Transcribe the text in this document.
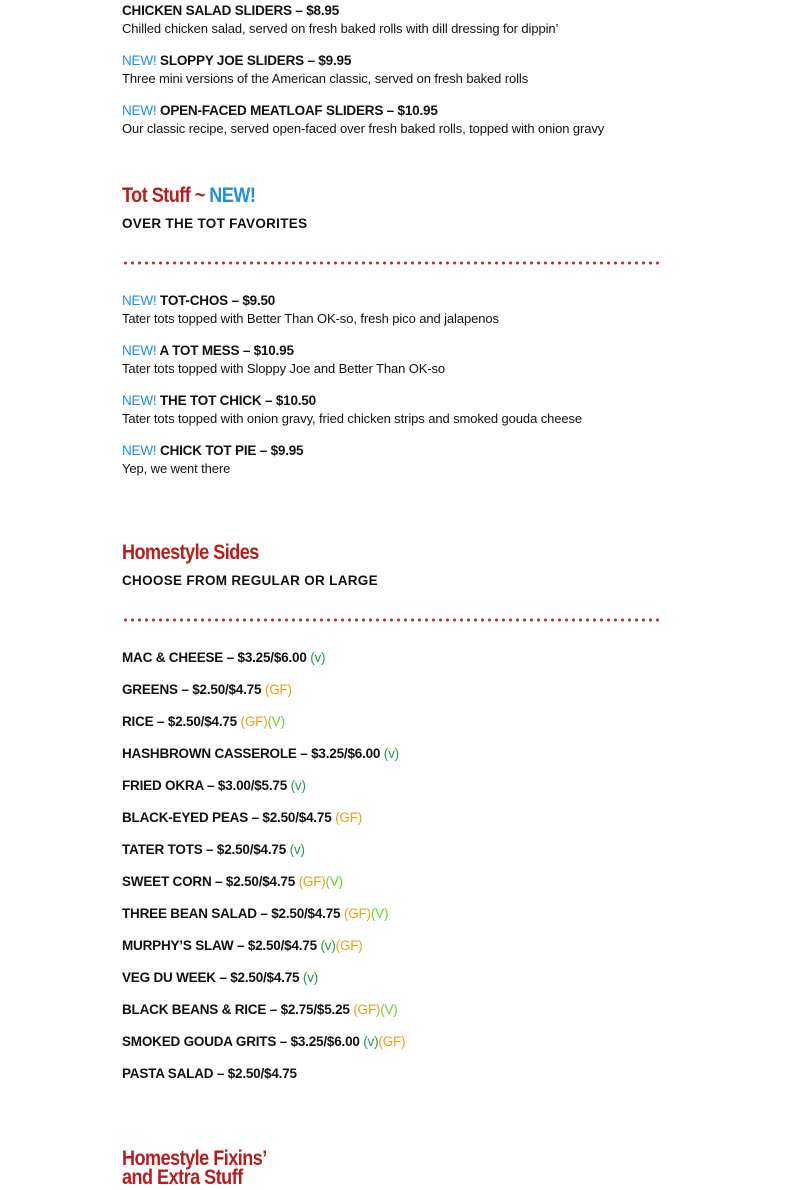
CHICKEN SALAD SLIDERS – $8.95
Chilled chicken salad, served on fresh baked rolls with dill dressing for dippin’
NEW! SLOPPY JOE SLIDERS – $9.95
Three mini versions of the American classic, served on fresh baked rolls
NEW! OPEN-FACED MEATLOAF SLIDERS – $10.95
Our classic recipe, served open-faced over fresh baked rolls, topped with onion gravy
Tot Stuff ~ NEW!
OVER THE TOT FAVORITES
NEW! TOT-CHOS – $9.50
Tater tots topped with Better Than OK-so, fresh pico and jalapenos
NEW! A TOT MESS – $10.95
Tater tots topped with Sloppy Joe and Better Than OK-so
NEW! THE TOT CHICK – $10.50
Tater tots topped with onion gravy, fried chicken strips and smoked gouda cheese
NEW! CHICK TOT PIE – $9.95
Yep, we went there
Homestyle Sides
CHOOSE FROM REGULAR OR LARGE
MAC & CHEESE – $3.25/$6.00 (v)
GREENS – $2.50/$4.75 (GF)
RICE – $2.50/$4.75 (GF)(V)
HASHBROWN CASSEROLE – $3.25/$6.00 (v)
FRIED OKRA – $3.00/$5.75 (v)
BLACK-EYED PEAS – $2.50/$4.75 (GF)
TATER TOTS – $2.50/$4.75 (v)
SWEET CORN – $2.50/$4.75 (GF)(V)
THREE BEAN SALAD – $2.50/$4.75 (GF)(V)
MURPHY’S SLAW – $2.50/$4.75 (v)(GF)
VEG DU WEEK – $2.50/$4.75 (v)
BLACK BEANS & RICE – $2.75/$5.25 (GF)(V)
SMOKED GOUDA GRITS – $3.25/$6.00 (v)(GF)
PASTA SALAD – $2.50/$4.75
Homestyle Fixins’
and Extra Stuff
